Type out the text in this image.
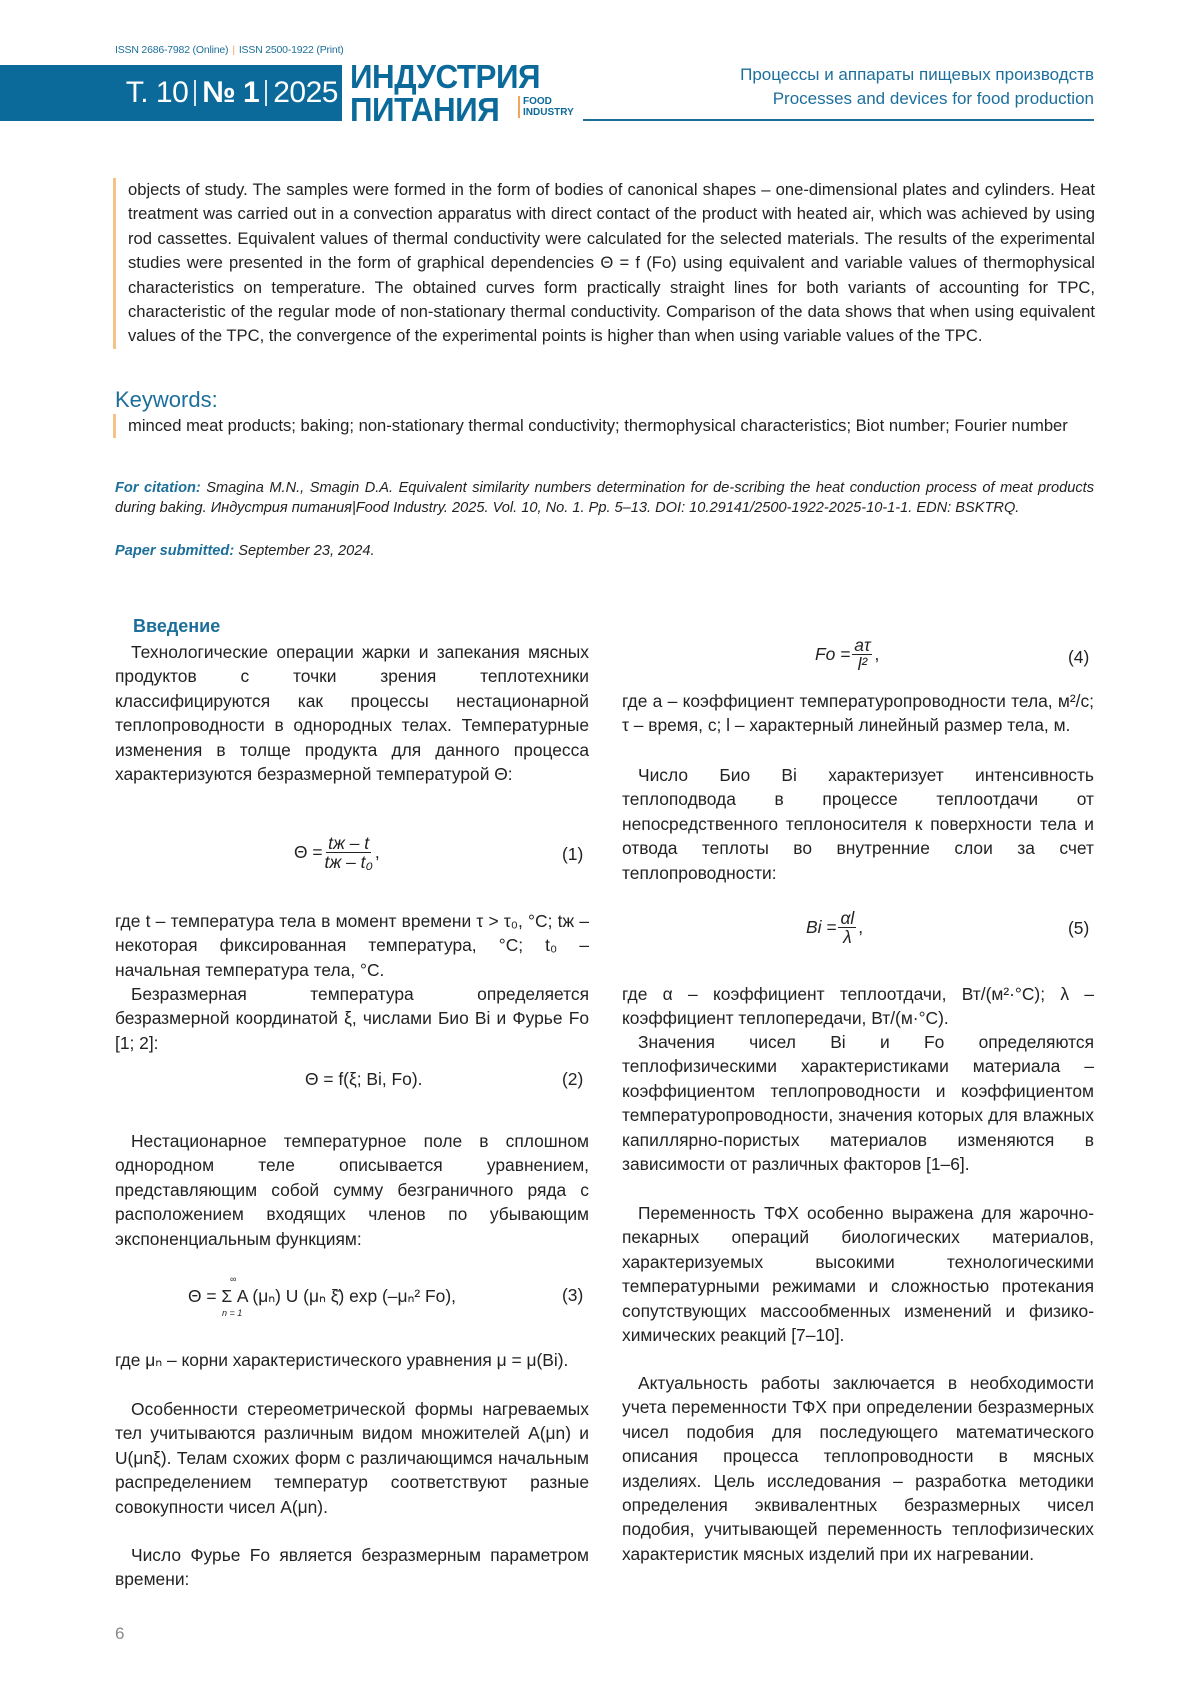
ISSN 2686-7982 (Online) | ISSN 2500-1922 (Print)
Т. 10 № 1 2025 ИНДУСТРИЯ
ПИТАНИЯ FOOD
INDUSTRY
Процессы и аппараты пищевых производств
Processes and devices for food production
objects of study. The samples were formed in the form of bodies of canonical shapes – one-dimensional plates and cylinders. Heat treatment was carried out in a convection apparatus with direct contact of the product with heated air, which was achieved by using rod cassettes. Equivalent values of thermal conductivity were calculated for the selected materials. The results of the experimental studies were presented in the form of graphical dependencies Θ = f (Fo) using equivalent and variable values of thermophysical characteristics on temperature. The obtained curves form practically straight lines for both variants of accounting for TPC, characteristic of the regular mode of non-stationary thermal conductivity. Comparison of the data shows that when using equivalent values of the TPC, the convergence of the experimental points is higher than when using variable values of the TPC.
Keywords:
minced meat products; baking; non-stationary thermal conductivity; thermophysical characteristics; Biot number; Fourier number
For citation: Smagina M.N., Smagin D.A. Equivalent similarity numbers determination for de-scribing the heat conduction process of meat products during baking. Индустрия питания|Food Industry. 2025. Vol. 10, No. 1. Pp. 5–13. DOI: 10.29141/2500-1922-2025-10-1-1. EDN: BSKTRQ.
Paper submitted: September 23, 2024.
Введение
Технологические операции жарки и запекания мясных продуктов с точки зрения теплотехники классифицируются как процессы нестационарной теплопроводности в однородных телах. Температурные изменения в толще продукта для данного процесса характеризуются безразмерной температурой Θ:
Θ = tж – t
tж – t₀ ,	(1)
где t – температура тела в момент времени τ > τ₀, °С; tж – некоторая фиксированная температура, °С; t₀ – начальная температура тела, °С.
Безразмерная температура определяется безразмерной координатой ξ, числами Био Bi и Фурье Fo [1; 2]:
Θ = f(ξ; Bi, Fo).	(2)
Нестационарное температурное поле в сплошном однородном теле описывается уравнением, представляющим собой сумму безграничного ряда с расположением входящих членов по убывающим экспоненциальным функциям:
Θ = Σ A (μₙ) U (μₙ ξ̄) exp (–μₙ² Fo),
∞
n = 1
(3)
где μₙ – корни характеристического уравнения μ = μ(Bi).
Особенности стереометрической формы нагреваемых тел учитываются различным видом множителей A(μn) и U(μnξ). Телам схожих форм с различающимся начальным распределением температур соответствуют разные совокупности чисел A(μn).
Число Фурье Fo является безразмерным параметром времени:
Fo = aτ
l² ,	(4)
где a – коэффициент температуропроводности тела, м²/с; τ – время, с; l – характерный линейный размер тела, м.
Число Био Bi характеризует интенсивность теплоподвода в процессе теплоотдачи от непосредственного теплоносителя к поверхности тела и отвода теплоты во внутренние слои за счет теплопроводности:
Bi = αl
λ ,	(5)
где α – коэффициент теплоотдачи, Вт/(м²·°С); λ – коэффициент теплопередачи, Вт/(м·°С).
Значения чисел Bi и Fo определяются теплофизическими характеристиками материала – коэффициентом теплопроводности и коэффициентом температуропроводности, значения которых для влажных капиллярно-пористых материалов изменяются в зависимости от различных факторов [1–6].
Переменность ТФХ особенно выражена для жарочно-пекарных операций биологических материалов, характеризуемых высокими технологическими температурными режимами и сложностью протекания сопутствующих массообменных изменений и физико-химических реакций [7–10].
Актуальность работы заключается в необходимости учета переменности ТФХ при определении безразмерных чисел подобия для последующего математического описания процесса теплопроводности в мясных изделиях. Цель исследования – разработка методики определения эквивалентных безразмерных чисел подобия, учитывающей переменность теплофизических характеристик мясных изделий при их нагревании.
6
